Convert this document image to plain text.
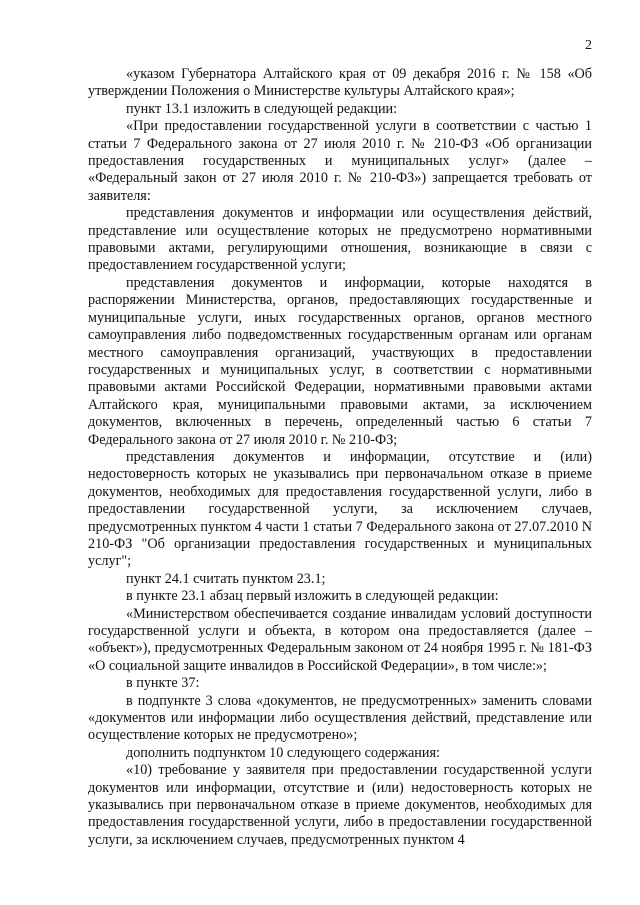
2

«указом Губернатора Алтайского края от 09 декабря 2016 г. № 158 «Об утверждении Положения о Министерстве культуры Алтайского края»;

пункт 13.1 изложить в следующей редакции:

«При предоставлении государственной услуги в соответствии с частью 1 статьи 7 Федерального закона от 27 июля 2010 г. № 210-ФЗ «Об организации предоставления государственных и муниципальных услуг» (далее – «Федеральный закон от 27 июля 2010 г. № 210-ФЗ») запрещается требовать от заявителя:

представления документов и информации или осуществления действий, представление или осуществление которых не предусмотрено нормативными правовыми актами, регулирующими отношения, возникающие в связи с предоставлением государственной услуги;

представления документов и информации, которые находятся в распоряжении Министерства, органов, предоставляющих государственные и муниципальные услуги, иных государственных органов, органов местного самоуправления либо подведомственных государственным органам или органам местного самоуправления организаций, участвующих в предоставлении государственных и муниципальных услуг, в соответствии с нормативными правовыми актами Российской Федерации, нормативными правовыми актами Алтайского края, муниципальными правовыми актами, за исключением документов, включенных в перечень, определенный частью 6 статьи 7 Федерального закона от 27 июля 2010 г. № 210-ФЗ;

представления документов и информации, отсутствие и (или) недостоверность которых не указывались при первоначальном отказе в приеме документов, необходимых для предоставления государственной услуги, либо в предоставлении государственной услуги, за исключением случаев, предусмотренных пунктом 4 части 1 статьи 7 Федерального закона от 27.07.2010 N 210-ФЗ "Об организации предоставления государственных и муниципальных услуг";

пункт 24.1 считать пунктом 23.1;

в пункте 23.1 абзац первый изложить в следующей редакции:

«Министерством обеспечивается создание инвалидам условий доступности государственной услуги и объекта, в котором она предоставляется (далее – «объект»), предусмотренных Федеральным законом от 24 ноября 1995 г. № 181-ФЗ «О социальной защите инвалидов в Российской Федерации», в том числе:»;

в пункте 37:

в подпункте 3 слова «документов, не предусмотренных» заменить словами «документов или информации либо осуществления действий, представление или осуществление которых не предусмотрено»;

дополнить подпунктом 10 следующего содержания:

«10) требование у заявителя при предоставлении государственной услуги документов или информации, отсутствие и (или) недостоверность которых не указывались при первоначальном отказе в приеме документов, необходимых для предоставления государственной услуги, либо в предоставлении государственной услуги, за исключением случаев, предусмотренных пунктом 4
